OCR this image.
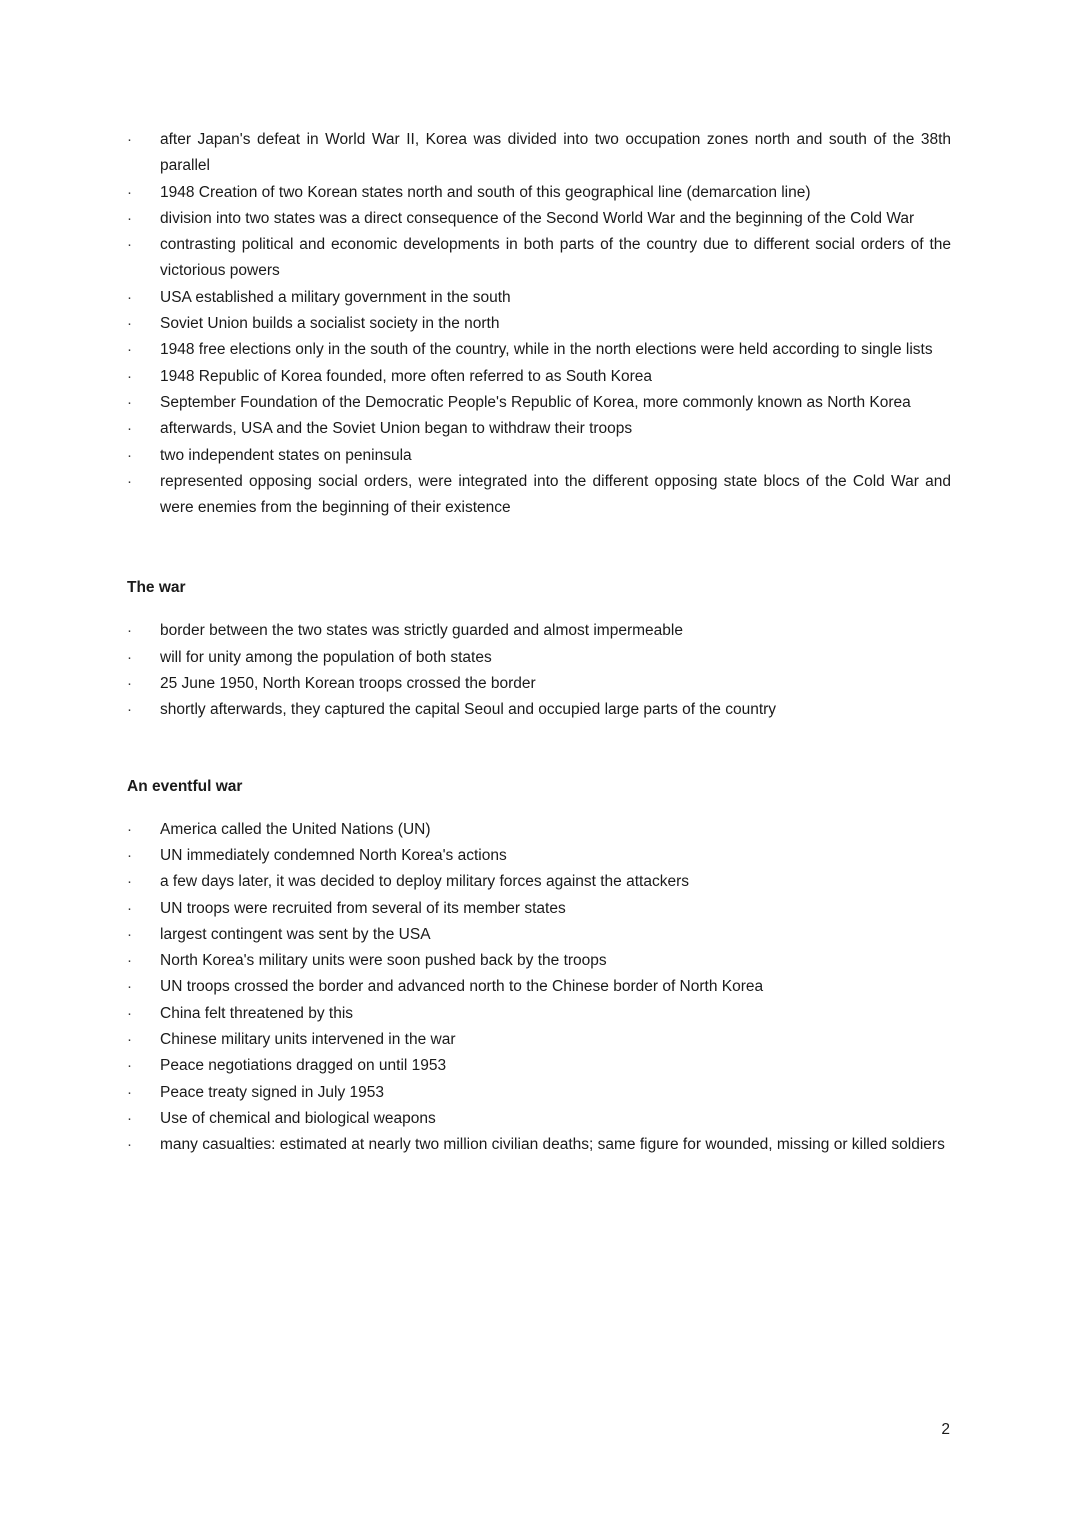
· after Japan's defeat in World War II, Korea was divided into two occupation zones north and south of the 38th parallel
· 1948 Creation of two Korean states north and south of this geographical line (demarcation line)
· division into two states was a direct consequence of the Second World War and the beginning of the Cold War
· contrasting political and economic developments in both parts of the country due to different social orders of the victorious powers
· USA established a military government in the south
· Soviet Union builds a socialist society in the north
· 1948 free elections only in the south of the country, while in the north elections were held according to single lists
· 1948 Republic of Korea founded, more often referred to as South Korea
· September Foundation of the Democratic People's Republic of Korea, more commonly known as North Korea
· afterwards, USA and the Soviet Union began to withdraw their troops
· two independent states on peninsula
· represented opposing social orders, were integrated into the different opposing state blocs of the Cold War and were enemies from the beginning of their existence
The war
· border between the two states was strictly guarded and almost impermeable
· will for unity among the population of both states
· 25 June 1950, North Korean troops crossed the border
· shortly afterwards, they captured the capital Seoul and occupied large parts of the country
An eventful war
· America called the United Nations (UN)
· UN immediately condemned North Korea's actions
· a few days later, it was decided to deploy military forces against the attackers
· UN troops were recruited from several of its member states
· largest contingent was sent by the USA
· North Korea's military units were soon pushed back by the troops
· UN troops crossed the border and advanced north to the Chinese border of North Korea
· China felt threatened by this
· Chinese military units intervened in the war
· Peace negotiations dragged on until 1953
· Peace treaty signed in July 1953
· Use of chemical and biological weapons
· many casualties: estimated at nearly two million civilian deaths; same figure for wounded, missing or killed soldiers
2
